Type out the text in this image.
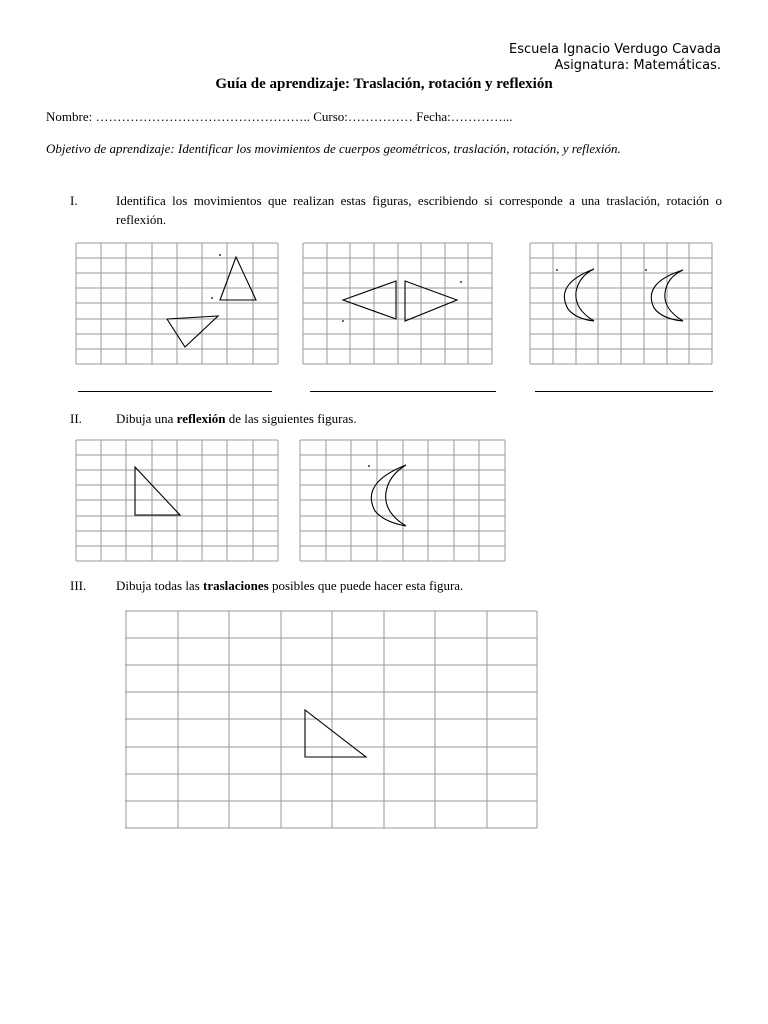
Escuela Ignacio Verdugo Cavada
Asignatura: Matemáticas.
Guía de aprendizaje: Traslación, rotación y reflexión
Nombre: ………………………………………….. Curso:…………… Fecha:…………...
Objetivo de aprendizaje: Identificar los movimientos de cuerpos geométricos, traslación, rotación, y reflexión.
I.	Identifica los movimientos que realizan estas figuras, escribiendo si corresponde a una traslación, rotación o reflexión.
II.	Dibuja una reflexión de las siguientes figuras.
III. Dibuja todas las traslaciones posibles que puede hacer esta figura.
